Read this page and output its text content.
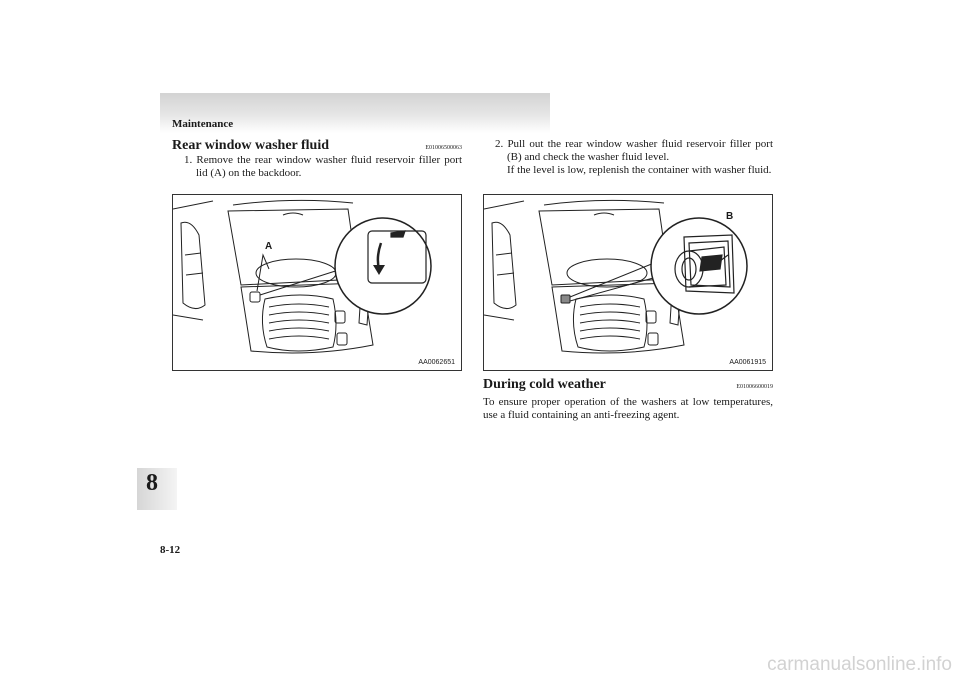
Maintenance
8
8-12
Rear window washer fluid	E01006500063

1. Remove the rear window washer fluid reservoir filler port lid (A) on the backdoor.

2. Pull out the rear window washer fluid reservoir filler port (B) and check the washer fluid level.
If the level is low, replenish the container with washer fluid.

A
AA0062651
B
AA0061915
During cold weather	E01006600019

To ensure proper operation of the washers at low temperatures, use a fluid containing an anti-freezing agent.

carmanualsonline.info
